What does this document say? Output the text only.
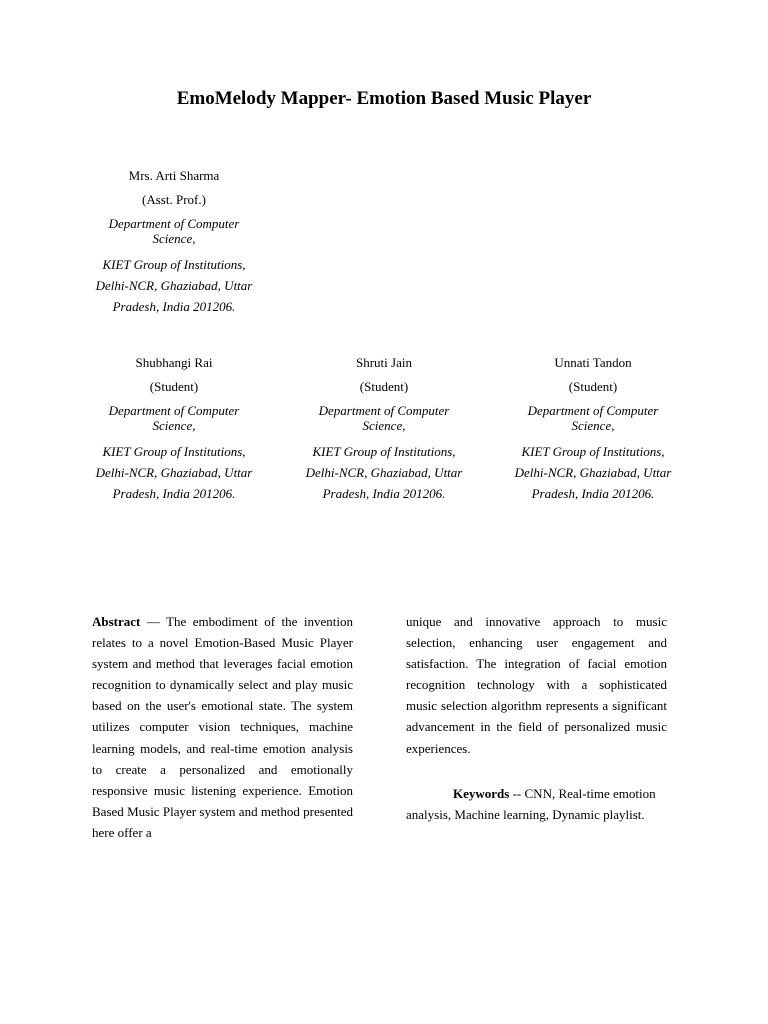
EmoMelody Mapper- Emotion Based Music Player
Mrs. Arti Sharma
(Asst. Prof.)
Department of Computer Science,
KIET Group of Institutions, Delhi-NCR, Ghaziabad, Uttar Pradesh, India 201206.
Shubhangi Rai
(Student)
Department of Computer Science,
KIET Group of Institutions, Delhi-NCR, Ghaziabad, Uttar Pradesh, India 201206.
Shruti Jain
(Student)
Department of Computer Science,
KIET Group of Institutions, Delhi-NCR, Ghaziabad, Uttar Pradesh, India 201206.
Unnati Tandon
(Student)
Department of Computer Science,
KIET Group of Institutions, Delhi-NCR, Ghaziabad, Uttar Pradesh, India 201206.
Abstract — The embodiment of the invention relates to a novel Emotion-Based Music Player system and method that leverages facial emotion recognition to dynamically select and play music based on the user's emotional state. The system utilizes computer vision techniques, machine learning models, and real-time emotion analysis to create a personalized and emotionally responsive music listening experience. Emotion Based Music Player system and method presented here offer a
unique and innovative approach to music selection, enhancing user engagement and satisfaction. The integration of facial emotion recognition technology with a sophisticated music selection algorithm represents a significant advancement in the field of personalized music experiences.
Keywords -- CNN, Real-time emotion analysis, Machine learning, Dynamic playlist.
